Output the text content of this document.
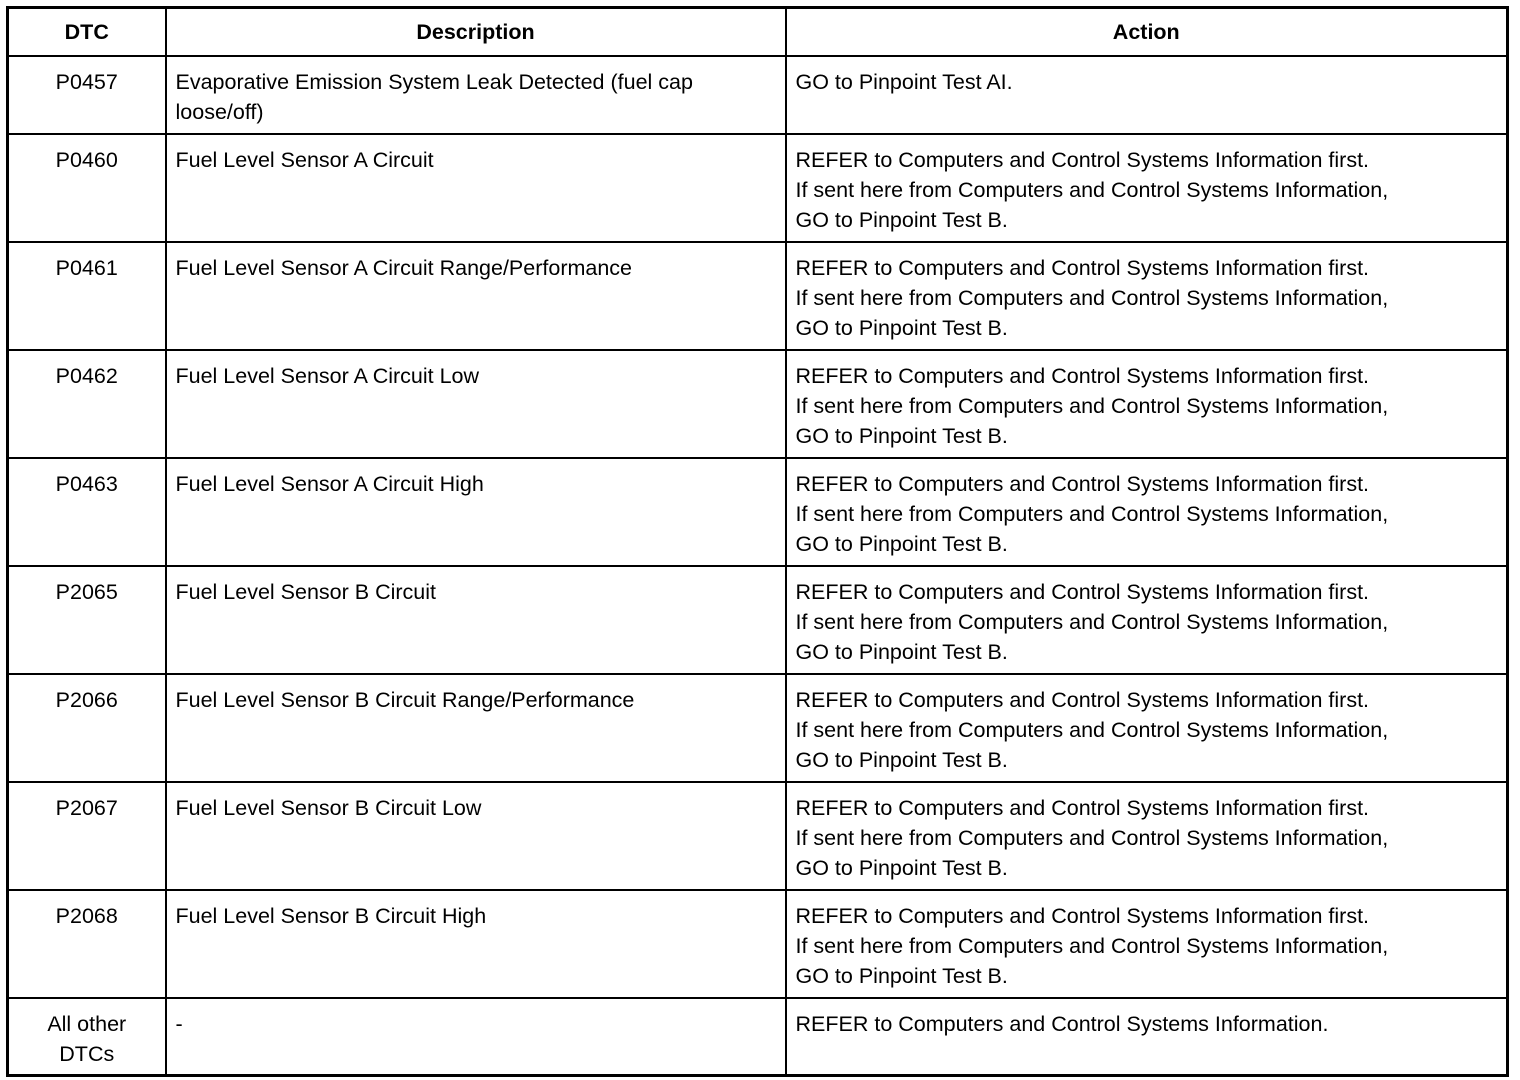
DTC	Description	Action

P0457	Evaporative Emission System Leak Detected (fuel cap
loose/off)	GO to Pinpoint Test AI.

P0460	Fuel Level Sensor A Circuit	REFER to Computers and Control Systems Information first.
If sent here from Computers and Control Systems Information,
GO to Pinpoint Test B.

P0461	Fuel Level Sensor A Circuit Range/Performance	REFER to Computers and Control Systems Information first.
If sent here from Computers and Control Systems Information,
GO to Pinpoint Test B.

P0462	Fuel Level Sensor A Circuit Low	REFER to Computers and Control Systems Information first.
If sent here from Computers and Control Systems Information,
GO to Pinpoint Test B.

P0463	Fuel Level Sensor A Circuit High	REFER to Computers and Control Systems Information first.
If sent here from Computers and Control Systems Information,
GO to Pinpoint Test B.

P2065	Fuel Level Sensor B Circuit	REFER to Computers and Control Systems Information first.
If sent here from Computers and Control Systems Information,
GO to Pinpoint Test B.

P2066	Fuel Level Sensor B Circuit Range/Performance	REFER to Computers and Control Systems Information first.
If sent here from Computers and Control Systems Information,
GO to Pinpoint Test B.

P2067	Fuel Level Sensor B Circuit Low	REFER to Computers and Control Systems Information first.
If sent here from Computers and Control Systems Information,
GO to Pinpoint Test B.

P2068	Fuel Level Sensor B Circuit High	REFER to Computers and Control Systems Information first.
If sent here from Computers and Control Systems Information,
GO to Pinpoint Test B.

All other
DTCs	-	REFER to Computers and Control Systems Information.
